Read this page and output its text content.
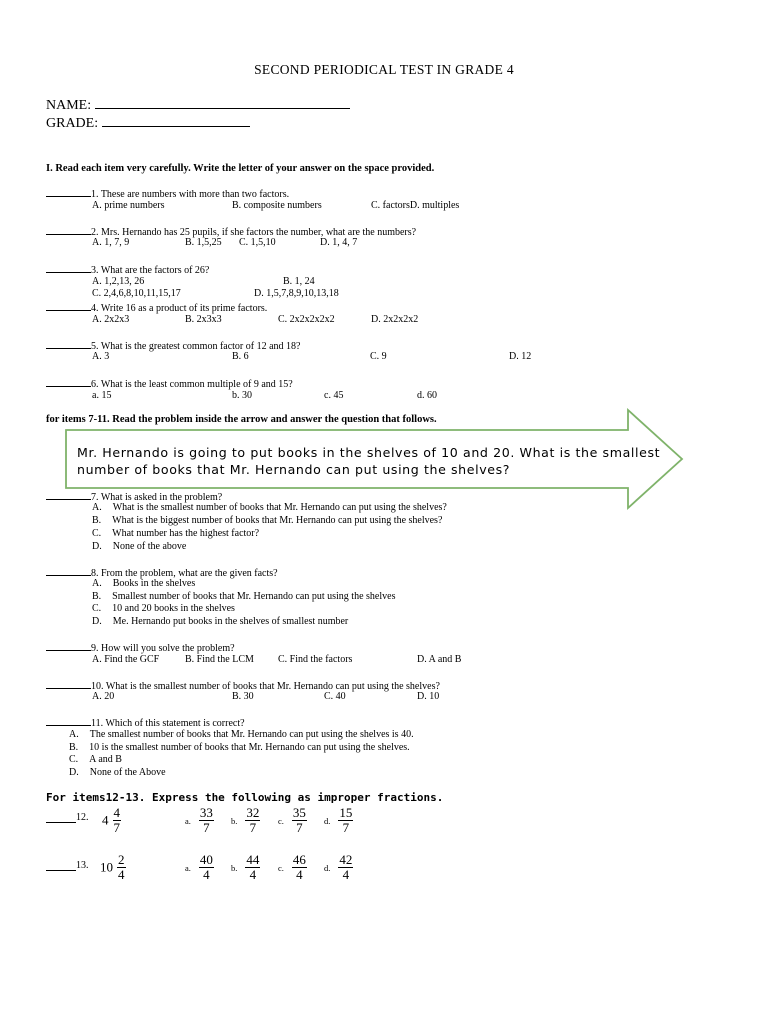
SECOND PERIODICAL TEST IN GRADE 4
NAME:
GRADE:
I. Read each item very carefully. Write the letter of your answer on the space provided.
1. These are numbers with more than two factors.
A. prime numbers	B. composite numbers	C. factorsD. multiples
2. Mrs. Hernando has 25 pupils, if she factors the number, what are the numbers?
A. 1, 7, 9	B. 1,5,25 C. 1,5,10	D. 1, 4, 7
3. What are the factors of 26?
A. 1,2,13, 26	B. 1, 24
C. 2,4,6,8,10,11,15,17	D. 1,5,7,8,9,10,13,18
4. Write 16 as a product of its prime factors.
A. 2x2x3	B. 2x3x3	C. 2x2x2x2x2	D. 2x2x2x2
5. What is the greatest common factor of 12 and 18?
A. 3	B. 6	C. 9	D. 12
6. What is the least common multiple of 9 and 15?
a. 15	b. 30	c. 45	d. 60
for items 7-11. Read the problem inside the arrow and answer the question that follows.
Mr. Hernando is going to put books in the shelves of 10 and 20. What is the smallest number of books that Mr. Hernando can put using the shelves?
7. What is asked in the problem?
A. What is the smallest number of books that Mr. Hernando can put using the shelves?
B. What is the biggest number of books that Mr. Hernando can put using the shelves?
C. What number has the highest factor?
D. None of the above
8. From the problem, what are the given facts?
A. Books in the shelves
B. Smallest number of books that Mr. Hernando can put using the shelves
C. 10 and 20 books in the shelves
D. Me. Hernando put books in the shelves of smallest number
9. How will you solve the problem?
A. Find the GCF	B. Find the LCM C. Find the factors	D. A and B
10. What is the smallest number of books that Mr. Hernando can put using the shelves?
A. 20	B. 30	C. 40	D. 10
11. Which of this statement is correct?
A. The smallest number of books that Mr. Hernando can put using the shelves is 40.
B. 10 is the smallest number of books that Mr. Hernando can put using the shelves.
C. A and B
D. None of the Above
For items12-13. Express the following as improper fractions.
12. $4 \frac{4}{7}$	a. $\frac{33}{7} b$. $\frac{32}{7} c$. $\frac{35}{7} d$. $\frac{15}{7}$
13. $10 \frac{2}{4}$	a. $\frac{40}{4} b$. $\frac{44}{4} c$. $\frac{46}{4} d$. $\frac{42}{4}$
